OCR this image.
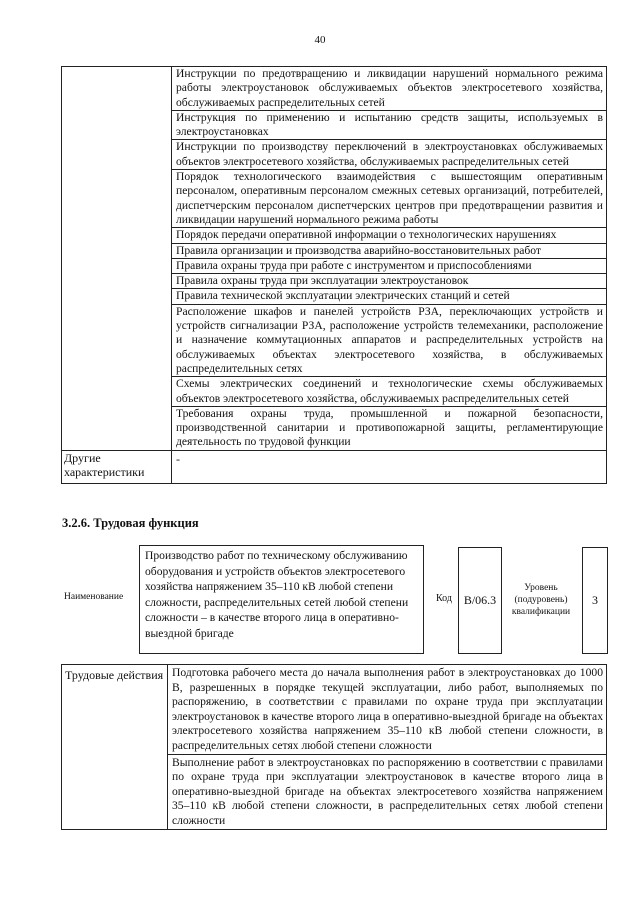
40
	Инструкции по предотвращению и ликвидации нарушений нормального режима работы электроустановок обслуживаемых объектов электросетевого хозяйства, обслуживаемых распределительных сетей
	Инструкция по применению и испытанию средств защиты, используемых в электроустановках
	Инструкции по производству переключений в электроустановках обслуживаемых объектов электросетевого хозяйства, обслуживаемых распределительных сетей
	Порядок технологического взаимодействия с вышестоящим оперативным персоналом, оперативным персоналом смежных сетевых организаций, потребителей, диспетчерским персоналом диспетчерских центров при предотвращении развития и ликвидации нарушений нормального режима работы
	Порядок передачи оперативной информации о технологических нарушениях
	Правила организации и производства аварийно-восстановительных работ
	Правила охраны труда при работе с инструментом и приспособлениями
	Правила охраны труда при эксплуатации электроустановок
	Правила технической эксплуатации электрических станций и сетей
	Расположение шкафов и панелей устройств РЗА, переключающих устройств и устройств сигнализации РЗА, расположение устройств телемеханики, расположение и назначение коммутационных аппаратов и распределительных устройств на обслуживаемых объектах электросетевого хозяйства, в обслуживаемых распределительных сетях
	Схемы электрических соединений и технологические схемы обслуживаемых объектов электросетевого хозяйства, обслуживаемых распределительных сетей
	Требования охраны труда, промышленной и пожарной безопасности, производственной санитарии и противопожарной защиты, регламентирующие деятельность по трудовой функции
Другие характеристики	-
3.2.6. Трудовая функция
Наименование
Производство работ по техническому обслуживанию оборудования и устройств объектов электросетевого хозяйства напряжением 35–110 кВ любой степени сложности, распределительных сетей любой степени сложности – в качестве второго лица в оперативно-выездной бригаде
Код B/06.3
Уровень (подуровень) квалификации
3
Трудовые действия	Подготовка рабочего места до начала выполнения работ в электроустановках до 1000 В, разрешенных в порядке текущей эксплуатации, либо работ, выполняемых по распоряжению, в соответствии с правилами по охране труда при эксплуатации электроустановок в качестве второго лица в оперативно-выездной бригаде на объектах электросетевого хозяйства напряжением 35–110 кВ любой степени сложности, в распределительных сетях любой степени сложности
Выполнение работ в электроустановках по распоряжению в соответствии с правилами по охране труда при эксплуатации электроустановок в качестве второго лица в оперативно-выездной бригаде на объектах электросетевого хозяйства напряжением 35–110 кВ любой степени сложности, в распределительных сетях любой степени сложности
